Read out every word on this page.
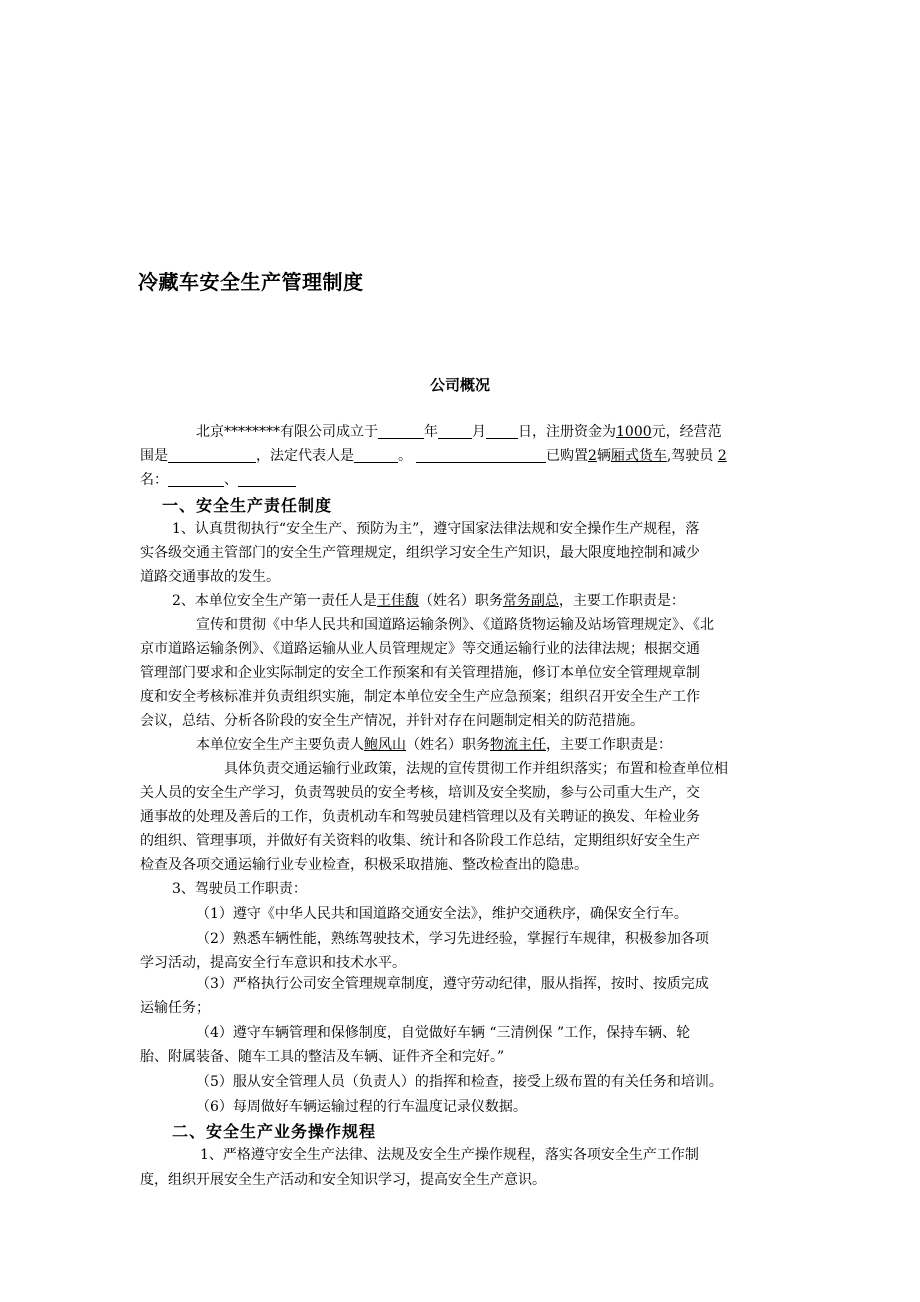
冷藏车安全生产管理制度
公司概况
北京********有限公司成立于	年 月 日，注册资金为1000元，经营范
围是	，法定代表人是	。	已购置2辆厢式货车,驾驶员 2
名：	、
一、安全生产责任制度
1、认真贯彻执行“安全生产、预防为主”，遵守国家法律法规和安全操作生产规程，落
实各级交通主管部门的安全生产管理规定，组织学习安全生产知识，最大限度地控制和减少
道路交通事故的发生。
2、本单位安全生产第一责任人是王佳馥（姓名）职务常务副总，主要工作职责是：
宣传和贯彻《中华人民共和国道路运输条例》、《道路货物运输及站场管理规定》、《北
京市道路运输条例》、《道路运输从业人员管理规定》等交通运输行业的法律法规；根据交通
管理部门要求和企业实际制定的安全工作预案和有关管理措施，修订本单位安全管理规章制
度和安全考核标准并负责组织实施，制定本单位安全生产应急预案；组织召开安全生产工作
会议，总结、分析各阶段的安全生产情况，并针对存在问题制定相关的防范措施。
本单位安全生产主要负责人鲍风山（姓名）职务物流主任，主要工作职责是：
具体负责交通运输行业政策，法规的宣传贯彻工作并组织落实；布置和检查单位相
关人员的安全生产学习，负责驾驶员的安全考核，培训及安全奖励，参与公司重大生产，交
通事故的处理及善后的工作，负责机动车和驾驶员建档管理以及有关聘证的换发、年检业务
的组织、管理事项，并做好有关资料的收集、统计和各阶段工作总结，定期组织好安全生产
检查及各项交通运输行业专业检查，积极采取措施、整改检查出的隐患。
3、驾驶员工作职责：
（1）遵守《中华人民共和国道路交通安全法》，维护交通秩序，确保安全行车。
（2）熟悉车辆性能，熟练驾驶技术，学习先进经验，掌握行车规律，积极参加各项
学习活动，提高安全行车意识和技术水平。
（3）严格执行公司安全管理规章制度，遵守劳动纪律，服从指挥，按时、按质完成
运输任务；
（4）遵守车辆管理和保修制度，自觉做好车辆 “三清例保 ”工作，保持车辆、轮
胎、附属装备、随车工具的整洁及车辆、证件齐全和完好。”
（5）服从安全管理人员（负责人）的指挥和检查，接受上级布置的有关任务和培训。
（6）每周做好车辆运输过程的行车温度记录仪数据。
二、安全生产业务操作规程
1、严格遵守安全生产法律、法规及安全生产操作规程，落实各项安全生产工作制
度，组织开展安全生产活动和安全知识学习，提高安全生产意识。
